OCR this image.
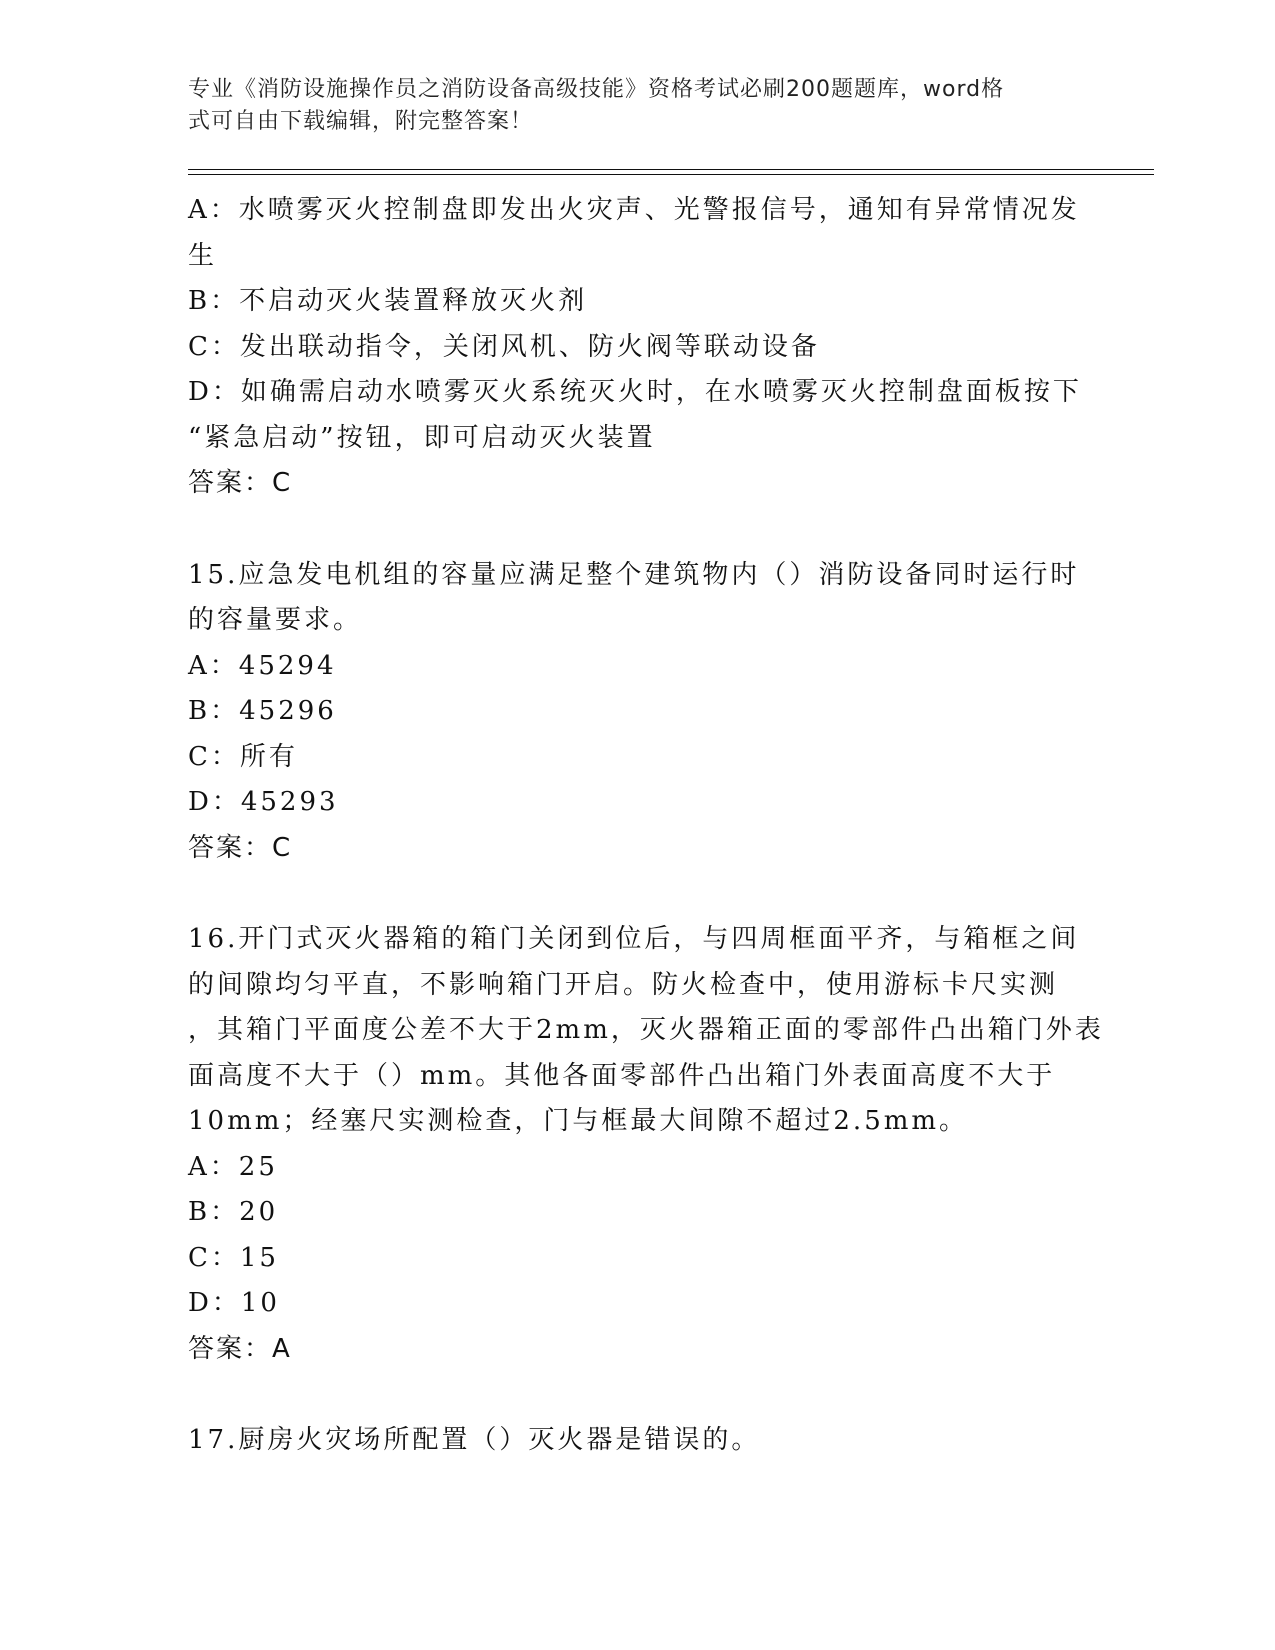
专业《消防设施操作员之消防设备高级技能》资格考试必刷200题题库，word格
式可自由下载编辑，附完整答案！
A：水喷雾灭火控制盘即发出火灾声、光警报信号，通知有异常情况发
生
B：不启动灭火装置释放灭火剂
C：发出联动指令，关闭风机、防火阀等联动设备
D：如确需启动水喷雾灭火系统灭火时，在水喷雾灭火控制盘面板按下
“紧急启动”按钮，即可启动灭火装置
答案：C
15.应急发电机组的容量应满足整个建筑物内（）消防设备同时运行时
的容量要求。
A：45294
B：45296
C：所有
D：45293
答案：C
16.开门式灭火器箱的箱门关闭到位后，与四周框面平齐，与箱框之间
的间隙均匀平直，不影响箱门开启。防火检查中，使用游标卡尺实测
，其箱门平面度公差不大于2mm，灭火器箱正面的零部件凸出箱门外表
面高度不大于（）mm。其他各面零部件凸出箱门外表面高度不大于
10mm；经塞尺实测检查，门与框最大间隙不超过2.5mm。
A：25
B：20
C：15
D：10
答案：A
17.厨房火灾场所配置（）灭火器是错误的。
